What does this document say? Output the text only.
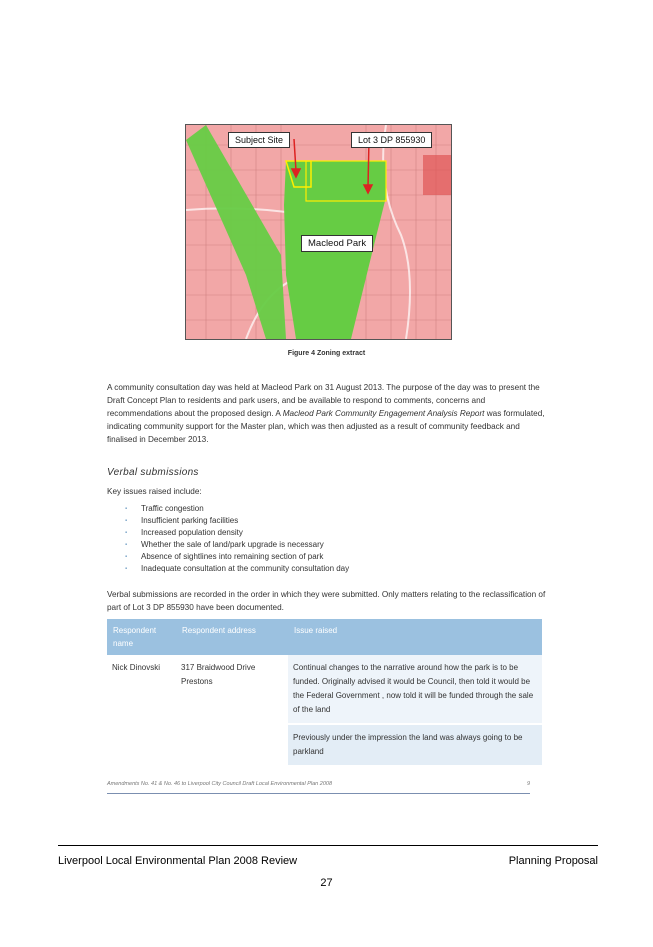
Subject Site	Lot 3 DP 855930
Macleod Park
Figure 4 Zoning extract
A community consultation day was held at Macleod Park on 31 August 2013. The purpose of the day was to present the Draft Concept Plan to residents and park users, and be available to respond to comments, concerns and recommendations about the proposed design. A Macleod Park Community Engagement Analysis Report was formulated, indicating community support for the Master plan, which was then adjusted as a result of community feedback and finalised in December 2013.
Verbal submissions
Key issues raised include:
▪ Traffic congestion
▪ Insufficient parking facilities
▪ Increased population density
▪ Whether the sale of land/park upgrade is necessary
▪ Absence of sightlines into remaining section of park
▪ Inadequate consultation at the community consultation day
Verbal submissions are recorded in the order in which they were submitted. Only matters relating to the reclassification of part of Lot 3 DP 855930 have been documented.
Respondent name	Respondent address	Issue raised
Nick Dinovski	317 Braidwood Drive Prestons	Continual changes to the narrative around how the park is to be funded. Originally advised it would be Council, then told it would be the Federal Government , now told it will be funded through the sale of the land
		Previously under the impression the land was always going to be parkland
Amendments No. 41 & No. 46 to Liverpool City Council Draft Local Environmental Plan 2008	9
Liverpool Local Environmental Plan 2008 Review	Planning Proposal
27
